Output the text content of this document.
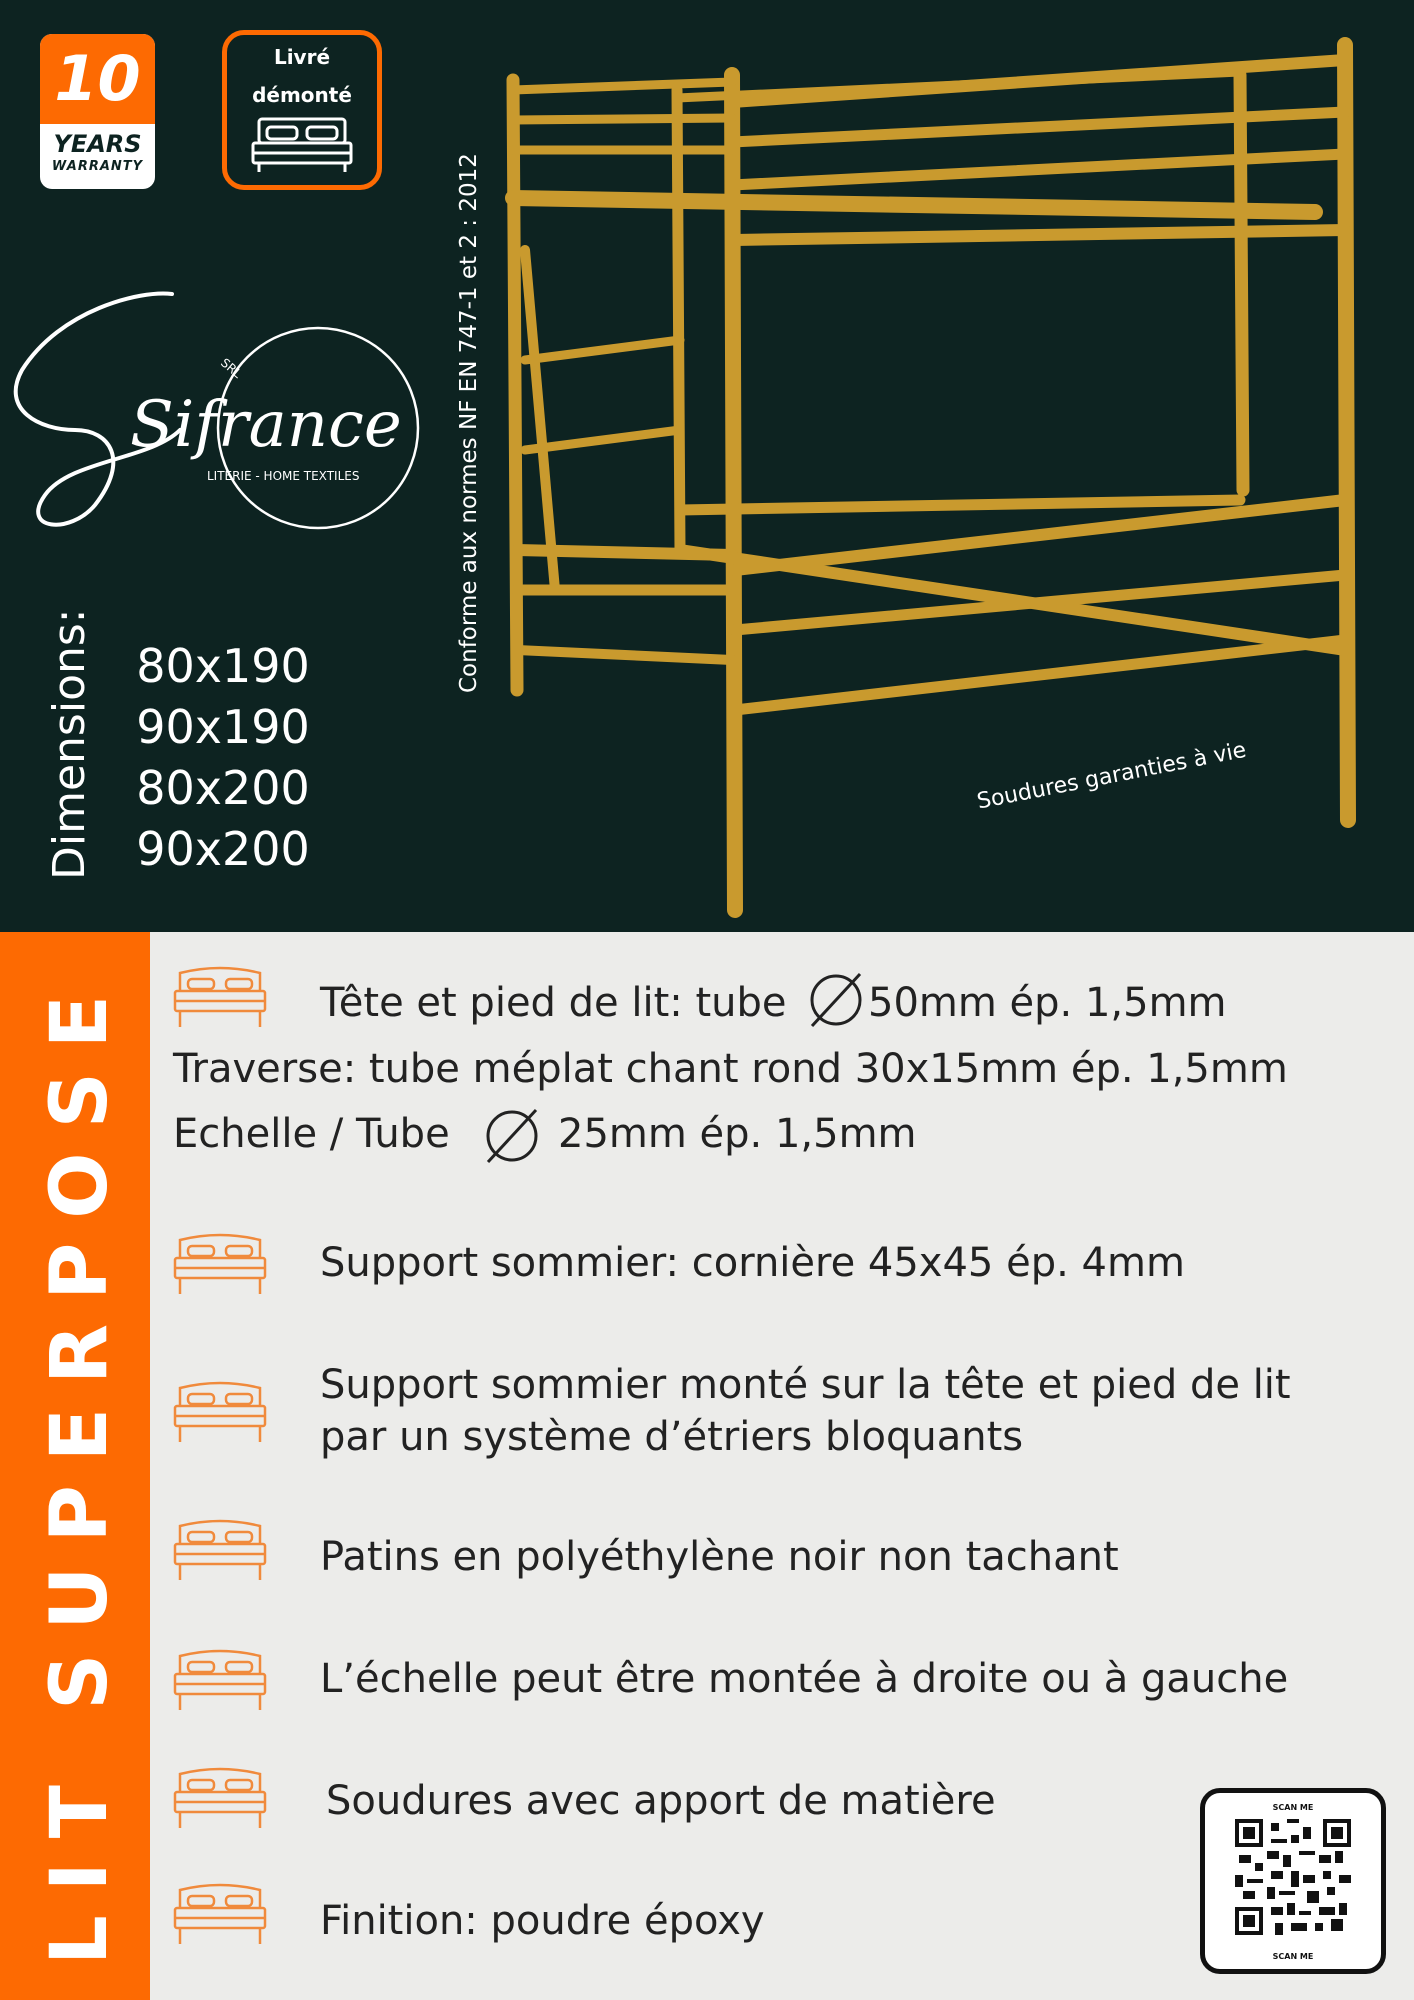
10
YEARS
WARRANTY
Livré
démonté
SRL
Sifrance
LITERIE - HOME TEXTILES
Dimensions: 80x190
90x190
80x200
90x200
Conforme aux normes NF EN 747-1 et 2 : 2012
Soudures garanties à vie
LIT SUPERPOSE	Tête et pied de lit: tube 50mm ép. 1,5mm
Traverse: tube méplat chant rond 30x15mm ép. 1,5mm
Echelle / Tube	25mm ép. 1,5mm
Support sommier: cornière 45x45 ép. 4mm
Support sommier monté sur la tête et pied de lit
par un système d’étriers bloquants
Patins en polyéthylène noir non tachant
L’échelle peut être montée à droite ou à gauche
Soudures avec apport de matière
Finition: poudre époxy
SCAN ME
SCAN ME
